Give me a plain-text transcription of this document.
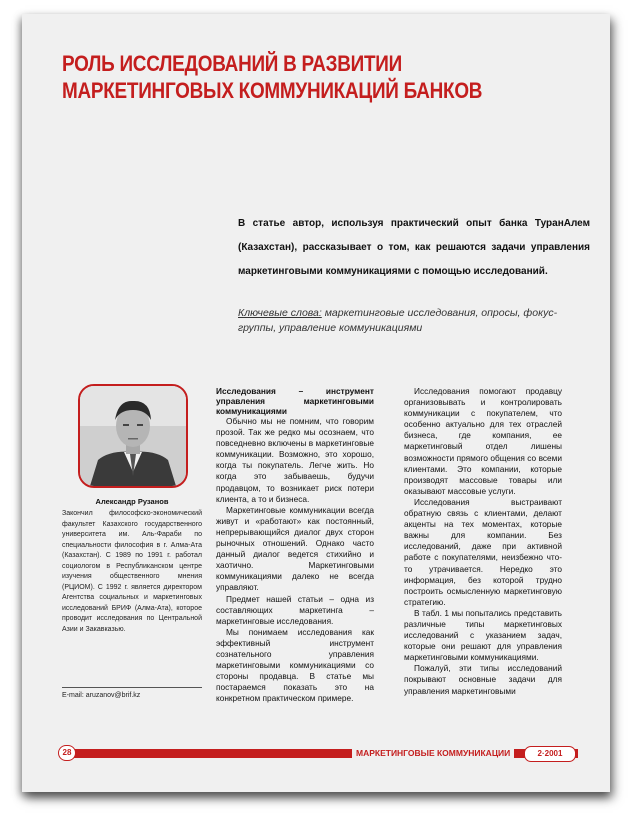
РОЛЬ ИССЛЕДОВАНИЙ В РАЗВИТИИ
МАРКЕТИНГОВЫХ КОММУНИКАЦИЙ БАНКОВ
В статье автор, используя практический опыт банка ТуранАлем (Казахстан), рассказывает о том, как решаются задачи управления маркетинговыми коммуникациями с помощью исследований.
Ключевые слова: маркетинговые исследования, опросы, фокус-группы, управление коммуникациями
Александр Рузанов
Закончил философско-экономический факультет Казахского государственного университета им. Аль-Фараби по специальности философия в г. Алма-Ата (Казахстан). С 1989 по 1991 г. работал социологом в Республиканском центре изучения общественного мнения (РЦИОМ). С 1992 г. является директором Агентства социальных и маркетинговых исследований БРИФ (Алма-Ата), которое проводит исследования по Центральной Азии и Закавказью.
E-mail: aruzanov@brif.kz
Исследования – инструмент управления маркетинговыми коммуникациями

Обычно мы не помним, что говорим прозой. Так же редко мы осознаем, что повседневно включены в маркетинговые коммуникации. Возможно, это хорошо, когда ты покупатель. Легче жить. Но когда это забываешь, будучи продавцом, то возникает риск потери клиента, а то и бизнеса.

Маркетинговые коммуникации всегда живут и «работают» как постоянный, непрерывающийся диалог двух сторон рыночных отношений. Однако часто данный диалог ведется стихийно и хаотично. Маркетинговыми коммуникациями далеко не всегда управляют.

Предмет нашей статьи – одна из составляющих маркетинга – маркетинговые исследования.

Мы понимаем исследования как эффективный инструмент сознательного управления маркетинговыми коммуникациями со стороны продавца. В статье мы постараемся показать это на конкретном практическом примере.

Исследования помогают продавцу организовывать и контролировать коммуникации с покупателем, что особенно актуально для тех отраслей бизнеса, где компания, ее маркетинговый отдел лишены возможности прямого общения со всеми клиентами. Это компании, которые производят массовые товары или оказывают массовые услуги.

Исследования выстраивают обратную связь с клиентами, делают акценты на тех моментах, которые важны для компании. Без исследований, даже при активной работе с покупателями, неизбежно что-то утрачивается. Нередко это информация, без которой трудно построить осмысленную маркетинговую стратегию.

В табл. 1 мы попытались представить различные типы маркетинговых исследований с указанием задач, которые они решают для управления маркетинговыми коммуникациями.

Пожалуй, эти типы исследований покрывают основные задачи для управления маркетинговыми

28	МАРКЕТИНГОВЫЕ КОММУНИКАЦИИ	2·2001
